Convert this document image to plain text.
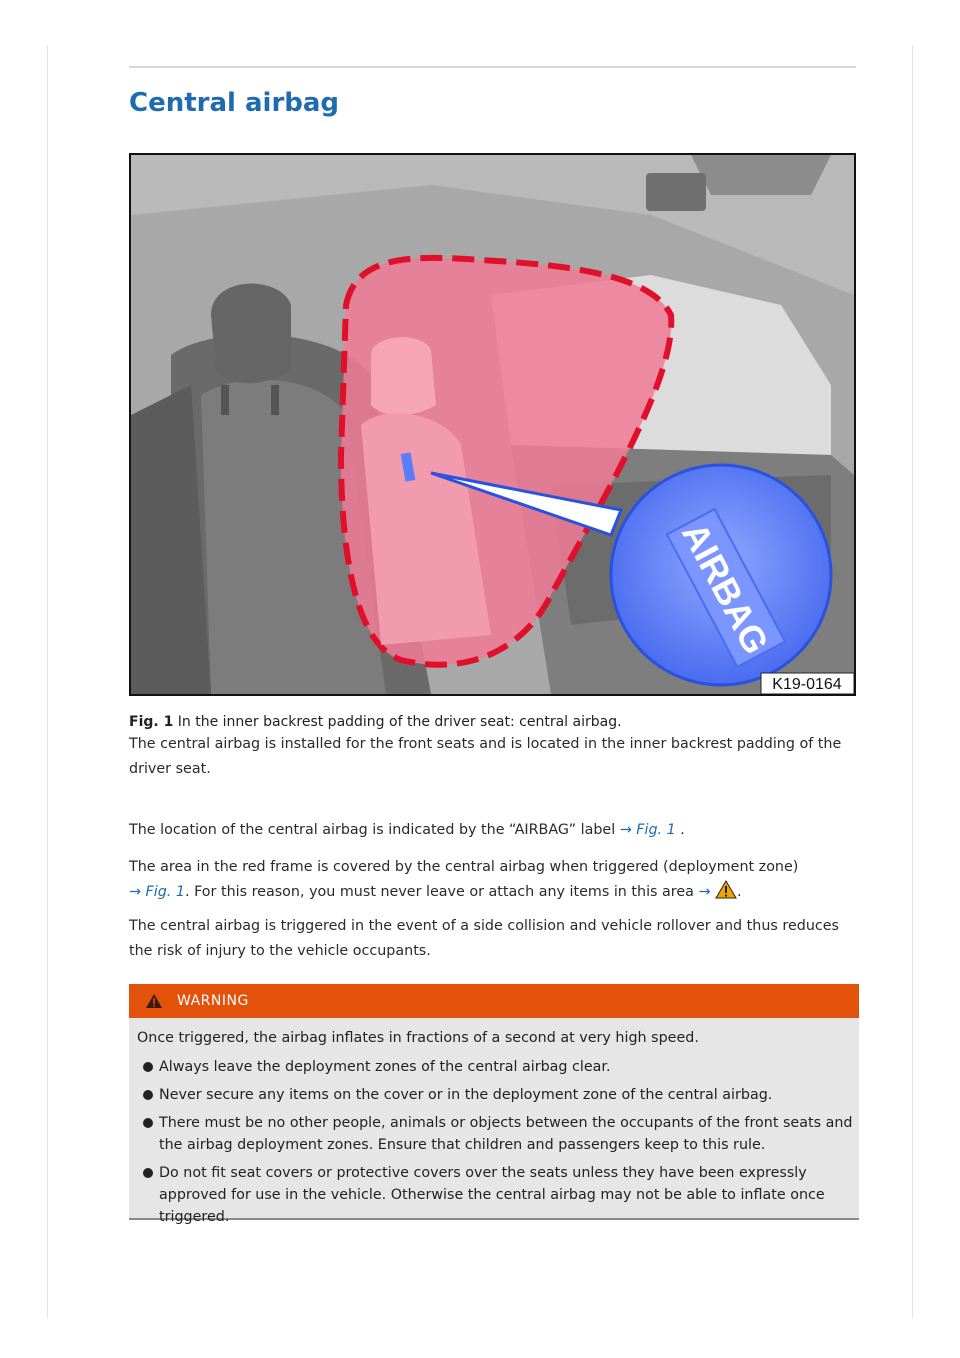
Central airbag
AIRBAG
K19-0164
Fig. 1 In the inner backrest padding of the driver seat: central airbag.
The central airbag is installed for the front seats and is located in the inner backrest padding of the driver seat.
The location of the central airbag is indicated by the “AIRBAG” label → Fig. 1 .
The area in the red frame is covered by the central airbag when triggered (deployment zone)
→ Fig. 1. For this reason, you must never leave or attach any items in this area → .
The central airbag is triggered in the event of a side collision and vehicle rollover and thus reduces the risk of injury to the vehicle occupants.
WARNING
Once triggered, the airbag inflates in fractions of a second at very high speed.
Always leave the deployment zones of the central airbag clear.
Never secure any items on the cover or in the deployment zone of the central airbag.
There must be no other people, animals or objects between the occupants of the front seats and the airbag deployment zones. Ensure that children and passengers keep to this rule.
Do not fit seat covers or protective covers over the seats unless they have been expressly approved for use in the vehicle. Otherwise the central airbag may not be able to inflate once triggered.
